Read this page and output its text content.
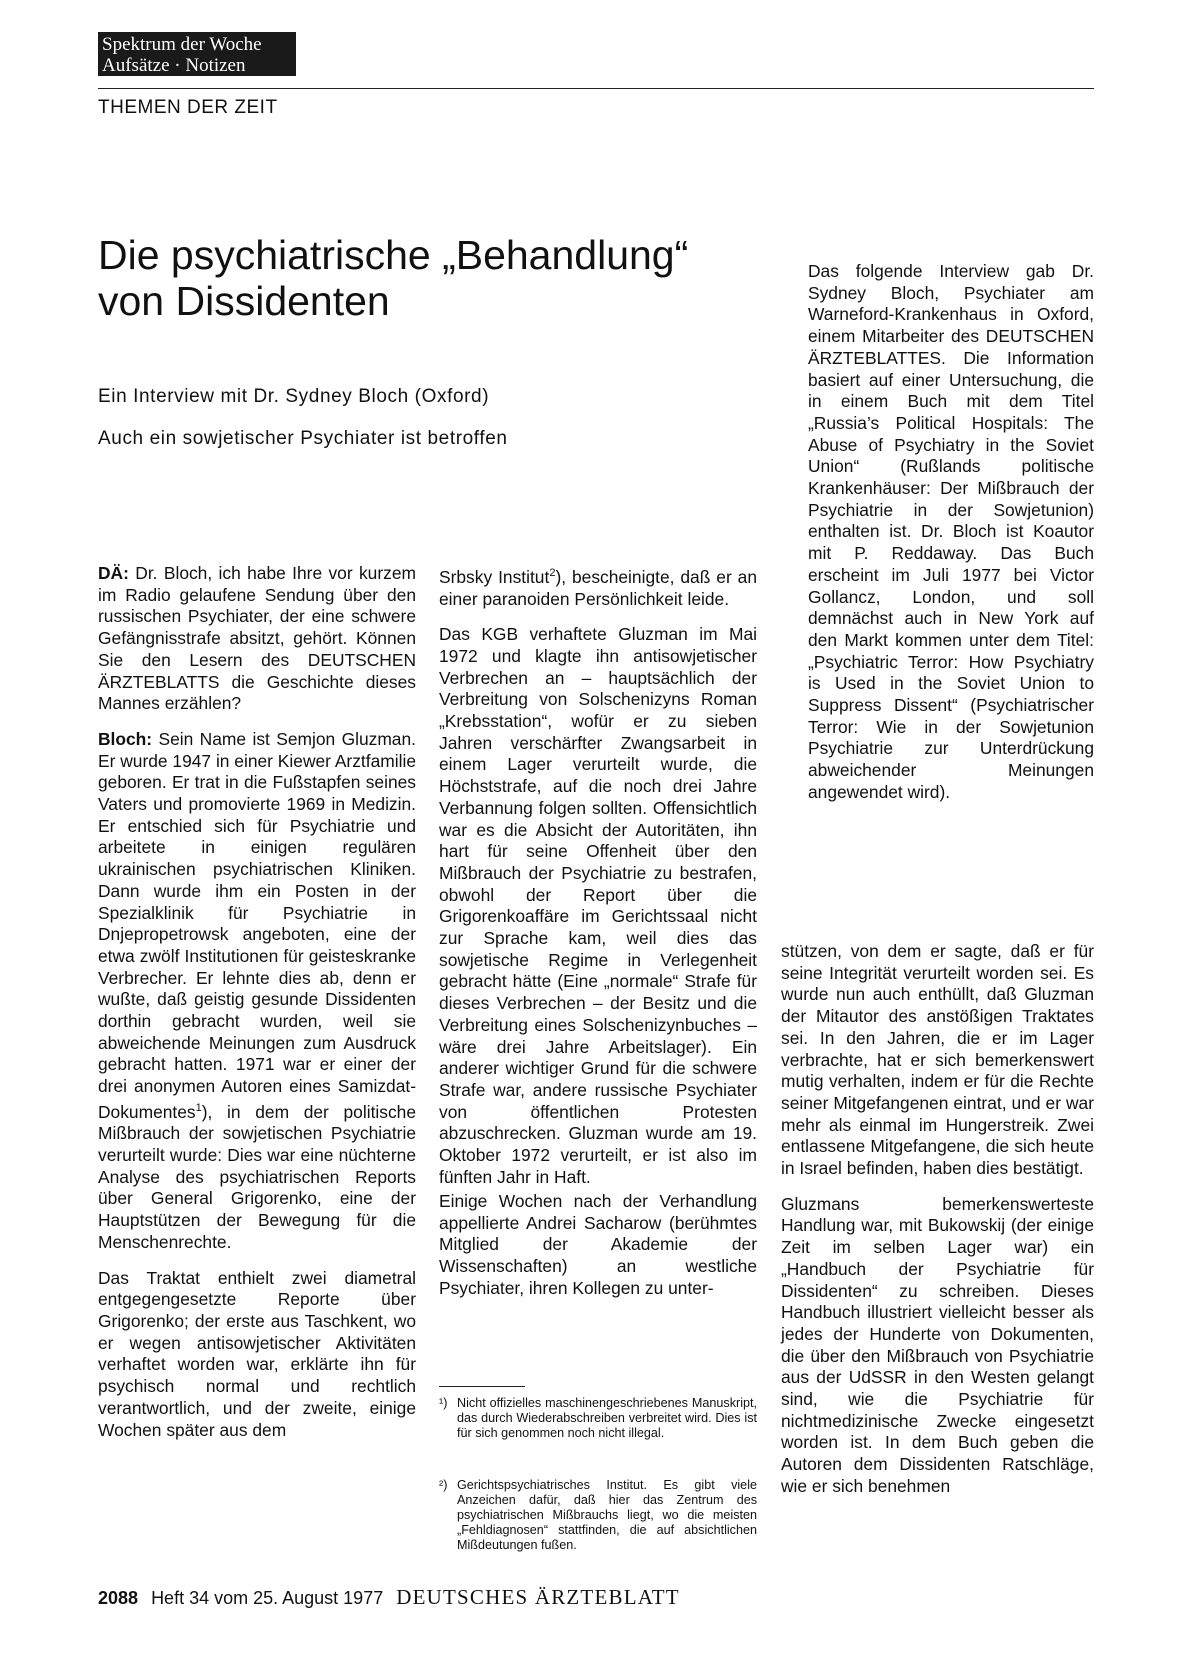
Spektrum der Woche
Aufsätze · Notizen
THEMEN DER ZEIT
Die psychiatrische „Behandlung“
von Dissidenten
Ein Interview mit Dr. Sydney Bloch (Oxford)
Auch ein sowjetischer Psychiater ist betroffen

DÄ: Dr. Bloch, ich habe Ihre vor kurzem im Radio gelaufene Sendung über den russischen Psychiater, der eine schwere Gefängnisstrafe absitzt, gehört. Können Sie den Lesern des DEUTSCHEN ÄRZTEBLATTS die Geschichte dieses Mannes erzählen?

Bloch: Sein Name ist Semjon Gluzman. Er wurde 1947 in einer Kiewer Arztfamilie geboren. Er trat in die Fußstapfen seines Vaters und promovierte 1969 in Medizin. Er entschied sich für Psychiatrie und arbeitete in einigen regulären ukrainischen psychiatrischen Kliniken. Dann wurde ihm ein Posten in der Spezialklinik für Psychiatrie in Dnjepropetrowsk angeboten, eine der etwa zwölf Institutionen für geisteskranke Verbrecher. Er lehnte dies ab, denn er wußte, daß geistig gesunde Dissidenten dorthin gebracht wurden, weil sie abweichende Meinungen zum Ausdruck gebracht hatten. 1971 war er einer der drei anonymen Autoren eines Samizdat-Dokumentes$^1$), in dem der politische Mißbrauch der sowjetischen Psychiatrie verurteilt wurde: Dies war eine nüchterne Analyse des psychiatrischen Reports über General Grigorenko, eine der Hauptstützen der Bewegung für die Menschenrechte.

Das Traktat enthielt zwei diametral entgegengesetzte Reporte über Grigorenko; der erste aus Taschkent, wo er wegen antisowjetischer Aktivitäten verhaftet worden war, erklärte ihn für psychisch normal und rechtlich verantwortlich, und der zweite, einige Wochen später aus dem

Srbsky Institut$^2$), bescheinigte, daß er an einer paranoiden Persönlichkeit leide.

Das KGB verhaftete Gluzman im Mai 1972 und klagte ihn antisowjetischer Verbrechen an – hauptsächlich der Verbreitung von Solschenizyns Roman „Krebsstation“, wofür er zu sieben Jahren verschärfter Zwangsarbeit in einem Lager verurteilt wurde, die Höchststrafe, auf die noch drei Jahre Verbannung folgen sollten. Offensichtlich war es die Absicht der Autoritäten, ihn hart für seine Offenheit über den Mißbrauch der Psychiatrie zu bestrafen, obwohl der Report über die Grigorenkoaffäre im Gerichtssaal nicht zur Sprache kam, weil dies das sowjetische Regime in Verlegenheit gebracht hätte (Eine „normale“ Strafe für dieses Verbrechen – der Besitz und die Verbreitung eines Solschenizynbuches – wäre drei Jahre Arbeitslager). Ein anderer wichtiger Grund für die schwere Strafe war, andere russische Psychiater von öffentlichen Protesten abzuschrecken. Gluzman wurde am 19. Oktober 1972 verurteilt, er ist also im fünften Jahr in Haft.

Einige Wochen nach der Verhandlung appellierte Andrei Sacharow (berühmtes Mitglied der Akademie der Wissenschaften) an westliche Psychiater, ihren Kollegen zu unter-

¹) Nicht offizielles maschinengeschriebenes Manuskript, das durch Wiederabschreiben verbreitet wird. Dies ist für sich genommen noch nicht illegal.
²) Gerichtspsychiatrisches Institut. Es gibt viele Anzeichen dafür, daß hier das Zentrum des psychiatrischen Mißbrauchs liegt, wo die meisten „Fehldiagnosen“ stattfinden, die auf absichtlichen Mißdeutungen fußen.

Das folgende Interview gab Dr. Sydney Bloch, Psychiater am Warneford-Krankenhaus in Oxford, einem Mitarbeiter des DEUTSCHEN ÄRZTEBLATTES. Die Information basiert auf einer Untersuchung, die in einem Buch mit dem Titel „Russia’s Political Hospitals: The Abuse of Psychiatry in the Soviet Union“ (Rußlands politische Krankenhäuser: Der Mißbrauch der Psychiatrie in der Sowjetunion) enthalten ist. Dr. Bloch ist Koautor mit P. Reddaway. Das Buch erscheint im Juli 1977 bei Victor Gollancz, London, und soll demnächst auch in New York auf den Markt kommen unter dem Titel: „Psychiatric Terror: How Psychiatry is Used in the Soviet Union to Suppress Dissent“ (Psychiatrischer Terror: Wie in der Sowjetunion Psychiatrie zur Unterdrückung abweichender Meinungen angewendet wird).

stützen, von dem er sagte, daß er für seine Integrität verurteilt worden sei. Es wurde nun auch enthüllt, daß Gluzman der Mitautor des anstößigen Traktates sei. In den Jahren, die er im Lager verbrachte, hat er sich bemerkenswert mutig verhalten, indem er für die Rechte seiner Mitgefangenen eintrat, und er war mehr als einmal im Hungerstreik. Zwei entlassene Mitgefangene, die sich heute in Israel befinden, haben dies bestätigt.

Gluzmans bemerkenswerteste Handlung war, mit Bukowskij (der einige Zeit im selben Lager war) ein „Handbuch der Psychiatrie für Dissidenten“ zu schreiben. Dieses Handbuch illustriert vielleicht besser als jedes der Hunderte von Dokumenten, die über den Mißbrauch von Psychiatrie aus der UdSSR in den Westen gelangt sind, wie die Psychiatrie für nichtmedizinische Zwecke eingesetzt worden ist. In dem Buch geben die Autoren dem Dissidenten Ratschläge, wie er sich benehmen

2088 Heft 34 vom 25. August 1977 DEUTSCHES ÄRZTEBLATT
